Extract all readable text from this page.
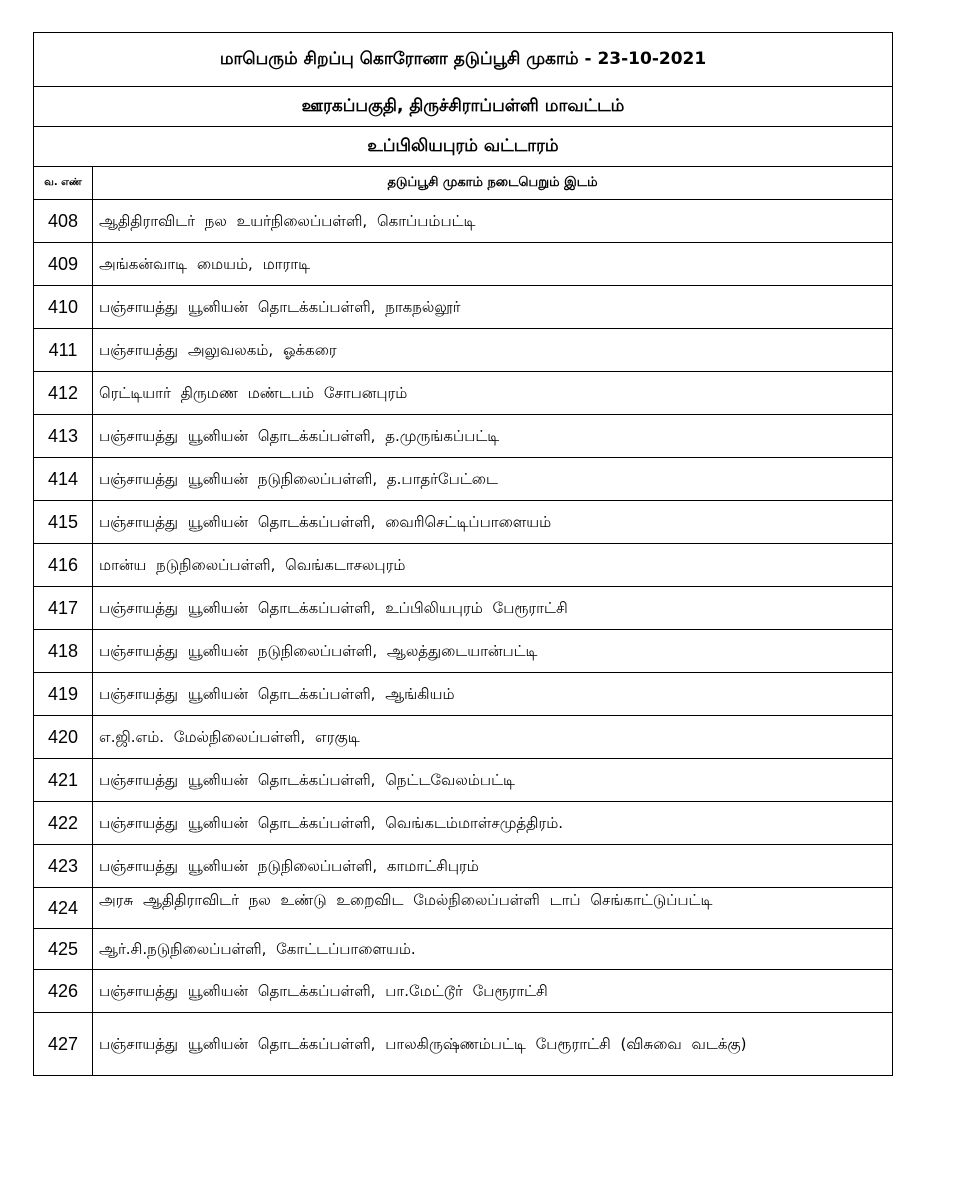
மாபெரும் சிறப்பு கொரோனா தடுப்பூசி முகாம் - 23-10-2021	
ஊரகப்பகுதி, திருச்சிராப்பள்ளி மாவட்டம்	
உப்பிலியபுரம் வட்டாரம்	
வ. எண்	தடுப்பூசி முகாம் நடைபெறும் இடம்
408	ஆதிதிராவிடர் நல உயர்நிலைப்பள்ளி, கொப்பம்பட்டி
409	அங்கன்வாடி மையம், மாராடி
410	பஞ்சாயத்து யூனியன் தொடக்கப்பள்ளி, நாகநல்லூர்
411	பஞ்சாயத்து அலுவலகம், ஓக்கரை
412	ரெட்டியார் திருமண மண்டபம் சோபனபுரம்
413	பஞ்சாயத்து யூனியன் தொடக்கப்பள்ளி, த.முருங்கப்பட்டி
414	பஞ்சாயத்து யூனியன் நடுநிலைப்பள்ளி, த.பாதர்பேட்டை
415	பஞ்சாயத்து யூனியன் தொடக்கப்பள்ளி, வைரிசெட்டிப்பாளையம்
416	மான்ய நடுநிலைப்பள்ளி, வெங்கடாசலபுரம்
417	பஞ்சாயத்து யூனியன் தொடக்கப்பள்ளி, உப்பிலியபுரம் பேரூராட்சி
418	பஞ்சாயத்து யூனியன் நடுநிலைப்பள்ளி, ஆலத்துடையான்பட்டி
419	பஞ்சாயத்து யூனியன் தொடக்கப்பள்ளி, ஆங்கியம்
420	எ.ஜி.எம். மேல்நிலைப்பள்ளி, எரகுடி
421	பஞ்சாயத்து யூனியன் தொடக்கப்பள்ளி, நெட்டவேலம்பட்டி
422	பஞ்சாயத்து யூனியன் தொடக்கப்பள்ளி, வெங்கடம்மாள்சமுத்திரம்.
423	பஞ்சாயத்து யூனியன் நடுநிலைப்பள்ளி, காமாட்சிபுரம்
424	அரசு ஆதிதிராவிடர் நல உண்டு உறைவிட மேல்நிலைப்பள்ளி டாப் செங்காட்டுப்பட்டி

425	ஆர்.சி.நடுநிலைப்பள்ளி, கோட்டப்பாளையம்.
426	பஞ்சாயத்து யூனியன் தொடக்கப்பள்ளி, பா.மேட்டூர் பேரூராட்சி
427	பஞ்சாயத்து யூனியன் தொடக்கப்பள்ளி, பாலகிருஷ்ணம்பட்டி பேரூராட்சி (விசுவை வடக்கு)
